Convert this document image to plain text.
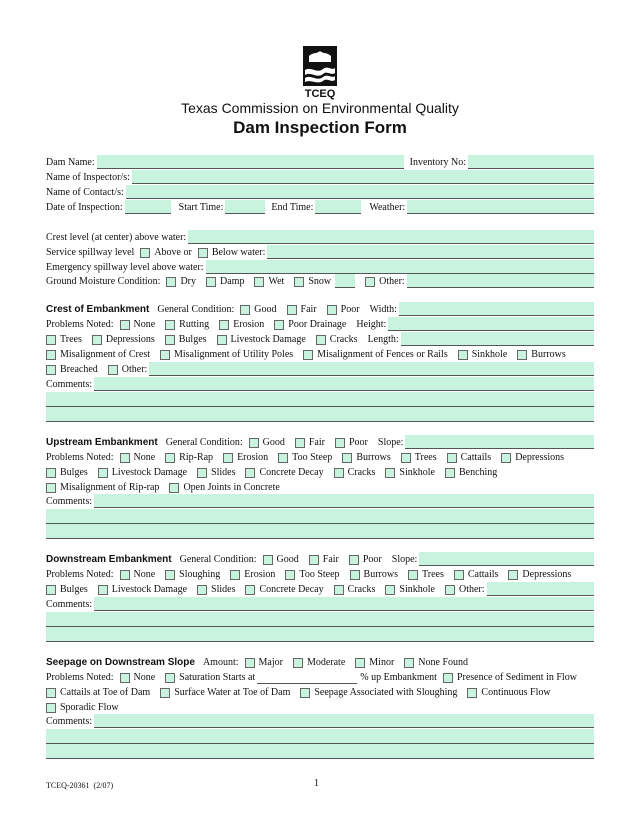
TCEQ
Texas Commission on Environmental Quality
Dam Inspection Form
Dam Name:	Inventory No:
Name of Inspector/s:
Name of Contact/s:
Date of Inspection:	Start Time:	End Time:	Weather:
Crest level (at center) above water:
Service spillway level Above or Below water:
Emergency spillway level above water:
Ground Moisture Condition: Dry Damp Wet Snow	Other:
Crest of Embankment General Condition: Good Fair Poor Width:
Problems Noted: None Rutting Erosion Poor Drainage Height:
Trees Depressions Bulges Livestock Damage Cracks Length:
Misalignment of Crest Misalignment of Utility Poles Misalignment of Fences or Rails Sinkhole Burrows
Breached Other:
Comments:
Upstream Embankment General Condition: Good Fair Poor Slope:
Problems Noted: None Rip-Rap Erosion Too Steep Burrows Trees Cattails Depressions
Bulges Livestock Damage Slides Concrete Decay Cracks Sinkhole Benching
Misalignment of Rip-rap Open Joints in Concrete
Comments:
Downstream Embankment General Condition: Good Fair Poor Slope:
Problems Noted: None Sloughing Erosion Too Steep Burrows Trees Cattails Depressions
Bulges Livestock Damage Slides Concrete Decay Cracks Sinkhole Other:
Comments:
Seepage on Downstream Slope Amount: Major Moderate Minor None Found
Problems Noted: None Saturation Starts at	% up Embankment Presence of Sediment in Flow
Cattails at Toe of Dam Surface Water at Toe of Dam Seepage Associated with Sloughing Continuous Flow
Sporadic Flow
Comments:
TCEQ-20361  (2/07)	1
